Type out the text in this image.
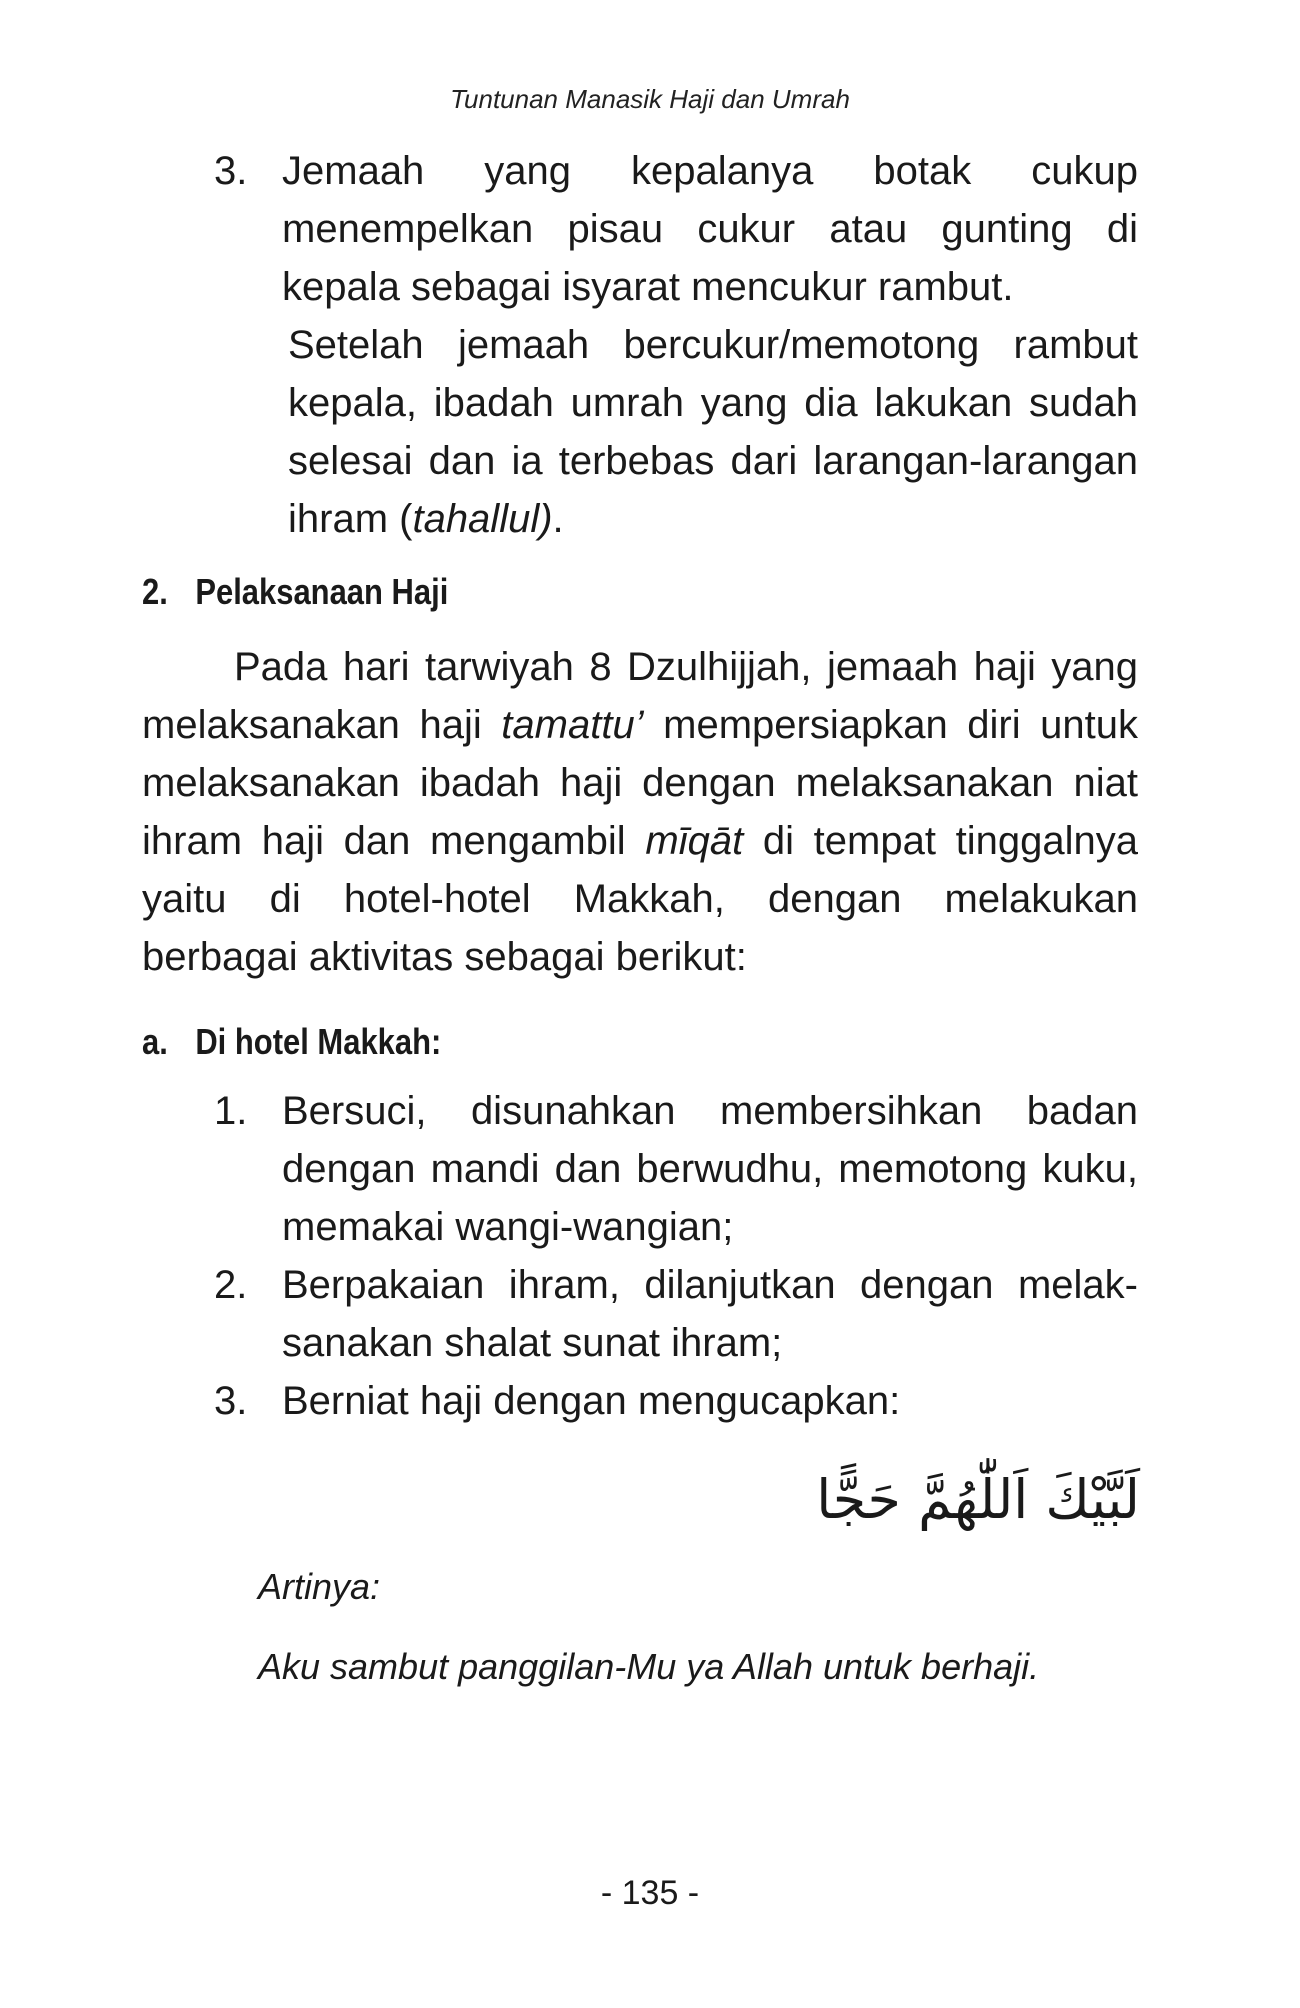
Tuntunan Manasik Haji dan Umrah
3. Jemaah yang kepalanya botak cukup menempelkan pisau cukur atau gunting di kepala sebagai isyarat mencukur rambut.
Setelah jemaah bercukur/memotong rambut kepala, ibadah umrah yang dia lakukan sudah selesai dan ia terbebas dari larangan-larangan ihram (tahallul).
2. Pelaksanaan Haji
Pada hari tarwiyah 8 Dzulhijjah, jemaah haji yang melaksanakan haji tamattu’ mempersiapkan diri untuk melaksanakan ibadah haji dengan melaksanakan niat ihram haji dan mengambil mīqāt di tempat tinggalnya yaitu di hotel-hotel Makkah, dengan melakukan berbagai aktivitas sebagai berikut:
a. Di hotel Makkah:
1. Bersuci, disunahkan membersihkan badan dengan mandi dan berwudhu, memotong kuku, memakai wangi-wangian;
2. Berpakaian ihram, dilanjutkan dengan melaksanakan shalat sunat ihram;
3. Berniat haji dengan mengucapkan:
لَبَّيْكَ اَللّٰهُمَّ حَجًّا
Artinya:
Aku sambut panggilan-Mu ya Allah untuk berhaji.
- 135 -
